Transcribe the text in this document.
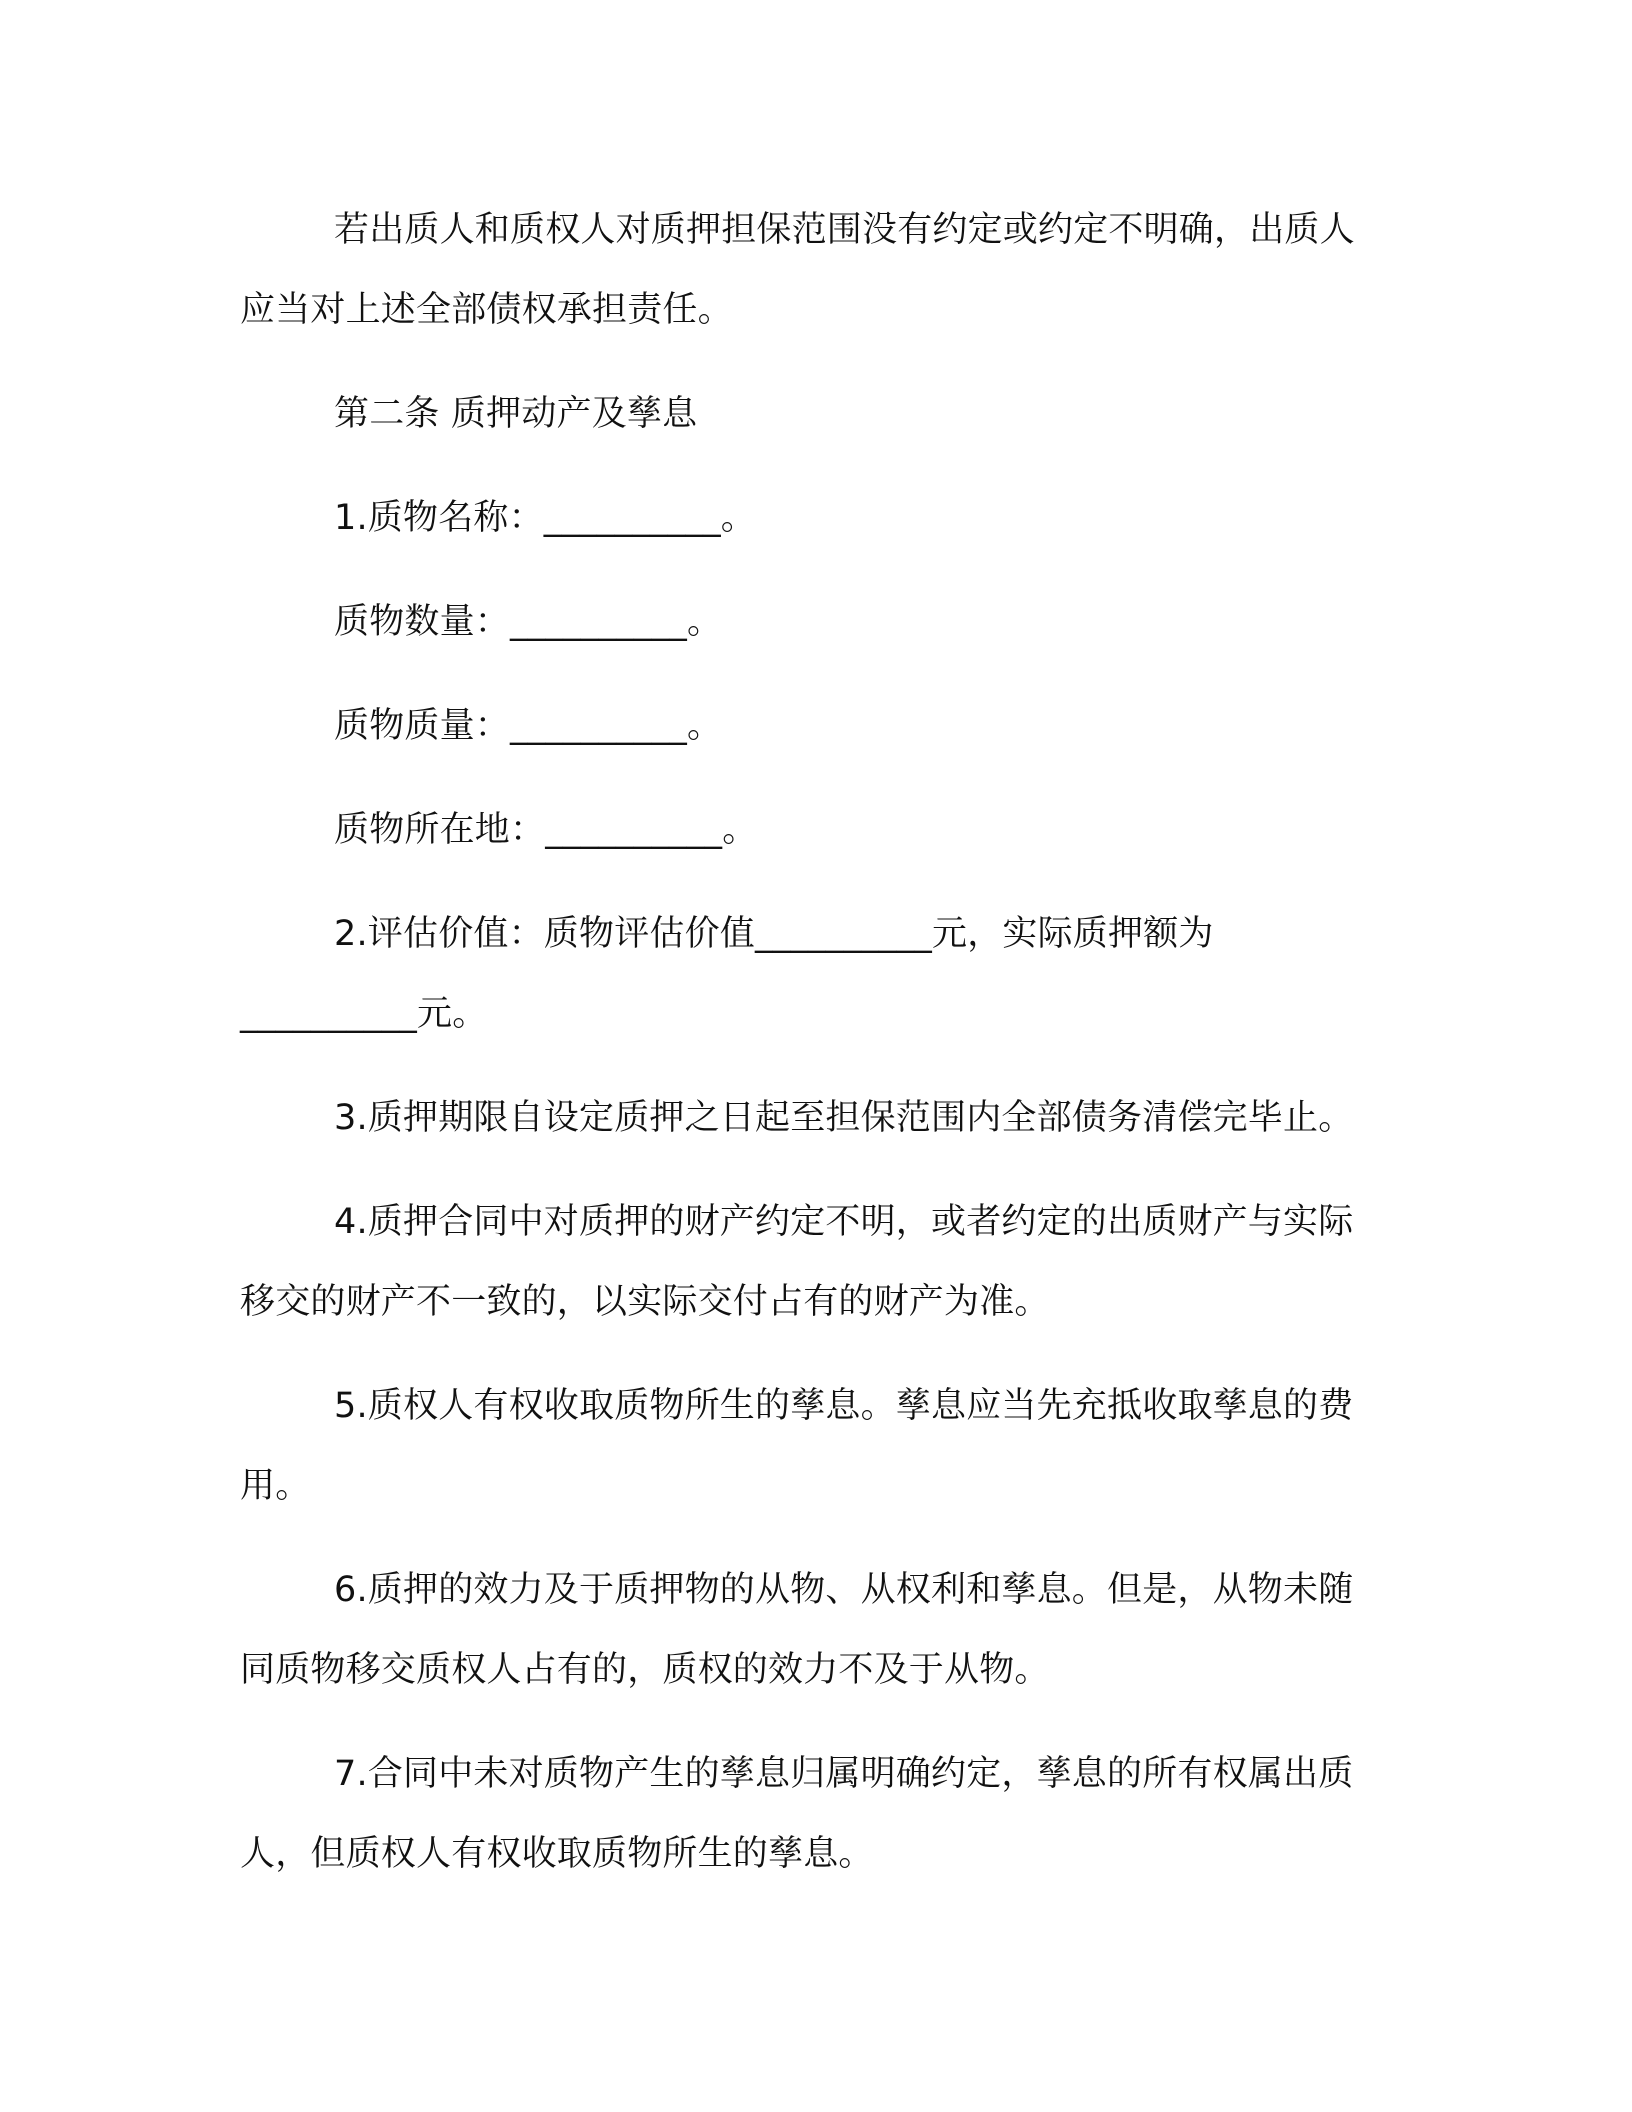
若出质人和质权人对质押担保范围没有约定或约定不明确，出质人应当对上述全部债权承担责任。

第二条 质押动产及孳息

1.质物名称：__________。

质物数量：__________。

质物质量：__________。

质物所在地：__________。

2.评估价值：质物评估价值__________元，实际质押额为__________元。

3.质押期限自设定质押之日起至担保范围内全部债务清偿完毕止。

4.质押合同中对质押的财产约定不明，或者约定的出质财产与实际移交的财产不一致的，以实际交付占有的财产为准。

5.质权人有权收取质物所生的孳息。孳息应当先充抵收取孳息的费用。

6.质押的效力及于质押物的从物、从权利和孳息。但是，从物未随同质物移交质权人占有的，质权的效力不及于从物。

7.合同中未对质物产生的孳息归属明确约定，孳息的所有权属出质人，但质权人有权收取质物所生的孳息。
